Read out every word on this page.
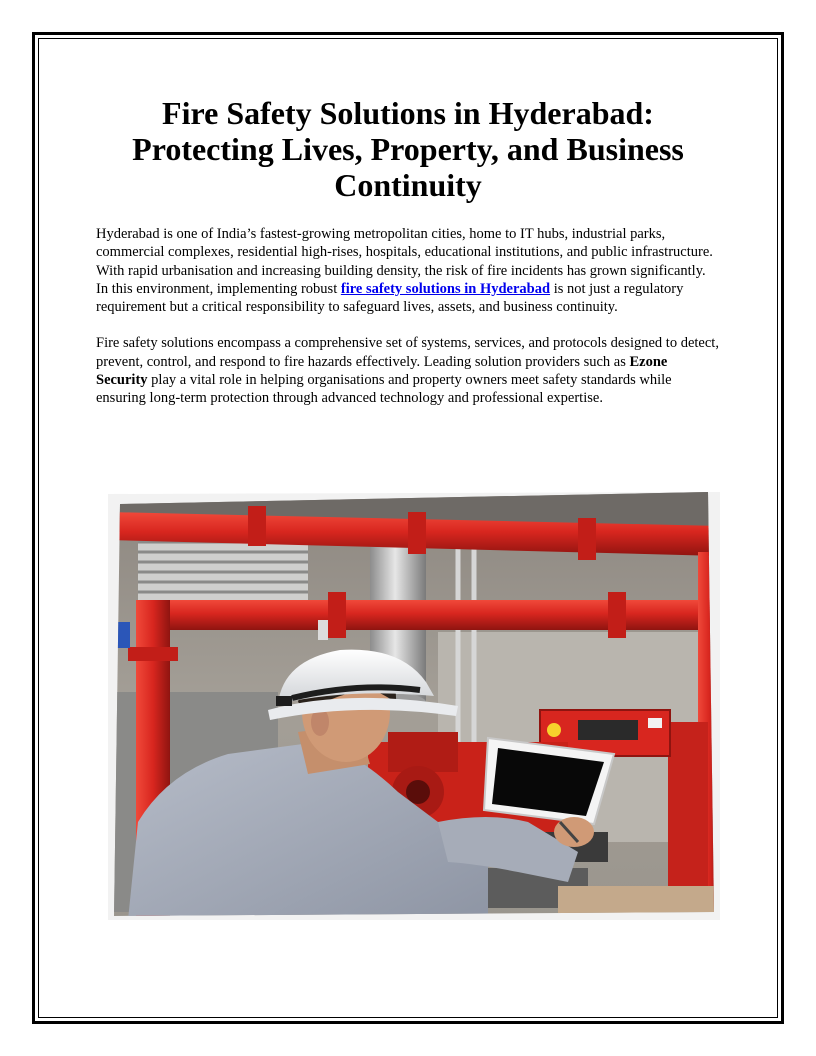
Fire Safety Solutions in Hyderabad: Protecting Lives, Property, and Business Continuity

Hyderabad is one of India’s fastest-growing metropolitan cities, home to IT hubs, industrial parks, commercial complexes, residential high-rises, hospitals, educational institutions, and public infrastructure. With rapid urbanisation and increasing building density, the risk of fire incidents has grown significantly. In this environment, implementing robust fire safety solutions in Hyderabad is not just a regulatory requirement but a critical responsibility to safeguard lives, assets, and business continuity.

Fire safety solutions encompass a comprehensive set of systems, services, and protocols designed to detect, prevent, control, and respond to fire hazards effectively. Leading solution providers such as Ezone Security play a vital role in helping organisations and property owners meet safety standards while ensuring long-term protection through advanced technology and professional expertise.
